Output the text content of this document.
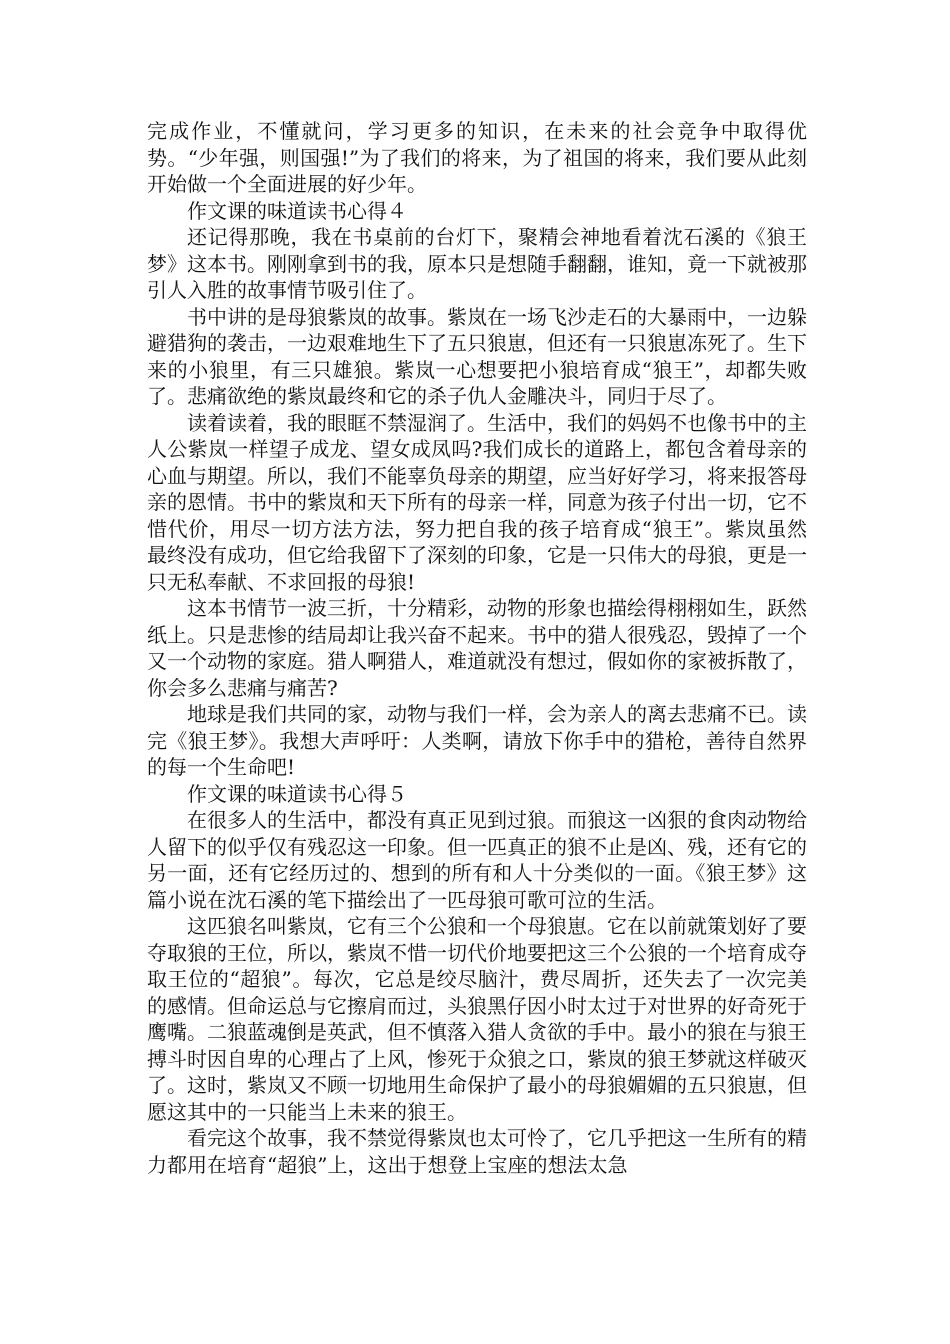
完成作业，不懂就问，学习更多的知识，在未来的社会竞争中取得优势。“少年强，则国强!”为了我们的将来，为了祖国的将来，我们要从此刻开始做一个全面进展的好少年。

作文课的味道读书心得４

还记得那晚，我在书桌前的台灯下，聚精会神地看着沈石溪的《狼王梦》这本书。刚刚拿到书的我，原本只是想随手翻翻，谁知，竟一下就被那引人入胜的故事情节吸引住了。

书中讲的是母狼紫岚的故事。紫岚在一场飞沙走石的大暴雨中，一边躲避猎狗的袭击，一边艰难地生下了五只狼崽，但还有一只狼崽冻死了。生下来的小狼里，有三只雄狼。紫岚一心想要把小狼培育成“狼王”，却都失败了。悲痛欲绝的紫岚最终和它的杀子仇人金雕决斗，同归于尽了。

读着读着，我的眼眶不禁湿润了。生活中，我们的妈妈不也像书中的主人公紫岚一样望子成龙、望女成凤吗?我们成长的道路上，都包含着母亲的心血与期望。所以，我们不能辜负母亲的期望，应当好好学习，将来报答母亲的恩情。书中的紫岚和天下所有的母亲一样，同意为孩子付出一切，它不惜代价，用尽一切方法方法，努力把自我的孩子培育成“狼王”。紫岚虽然最终没有成功，但它给我留下了深刻的印象，它是一只伟大的母狼，更是一只无私奉献、不求回报的母狼!

这本书情节一波三折，十分精彩，动物的形象也描绘得栩栩如生，跃然纸上。只是悲惨的结局却让我兴奋不起来。书中的猎人很残忍，毁掉了一个又一个动物的家庭。猎人啊猎人，难道就没有想过，假如你的家被拆散了，你会多么悲痛与痛苦?

地球是我们共同的家，动物与我们一样，会为亲人的离去悲痛不已。读完《狼王梦》。我想大声呼吁：人类啊，请放下你手中的猎枪，善待自然界的每一个生命吧!

作文课的味道读书心得５

在很多人的生活中，都没有真正见到过狼。而狼这一凶狠的食肉动物给人留下的似乎仅有残忍这一印象。但一匹真正的狼不止是凶、残，还有它的另一面，还有它经历过的、想到的所有和人十分类似的一面。《狼王梦》这篇小说在沈石溪的笔下描绘出了一匹母狼可歌可泣的生活。

这匹狼名叫紫岚，它有三个公狼和一个母狼崽。它在以前就策划好了要夺取狼的王位，所以，紫岚不惜一切代价地要把这三个公狼的一个培育成夺取王位的“超狼”。每次，它总是绞尽脑汁，费尽周折，还失去了一次完美的感情。但命运总与它擦肩而过，头狼黑仔因小时太过于对世界的好奇死于鹰嘴。二狼蓝魂倒是英武，但不慎落入猎人贪欲的手中。最小的狼在与狼王搏斗时因自卑的心理占了上风，惨死于众狼之口，紫岚的狼王梦就这样破灭了。这时，紫岚又不顾一切地用生命保护了最小的母狼媚媚的五只狼崽，但愿这其中的一只能当上未来的狼王。

看完这个故事，我不禁觉得紫岚也太可怜了，它几乎把这一生所有的精力都用在培育“超狼”上，这出于想登上宝座的想法太急
